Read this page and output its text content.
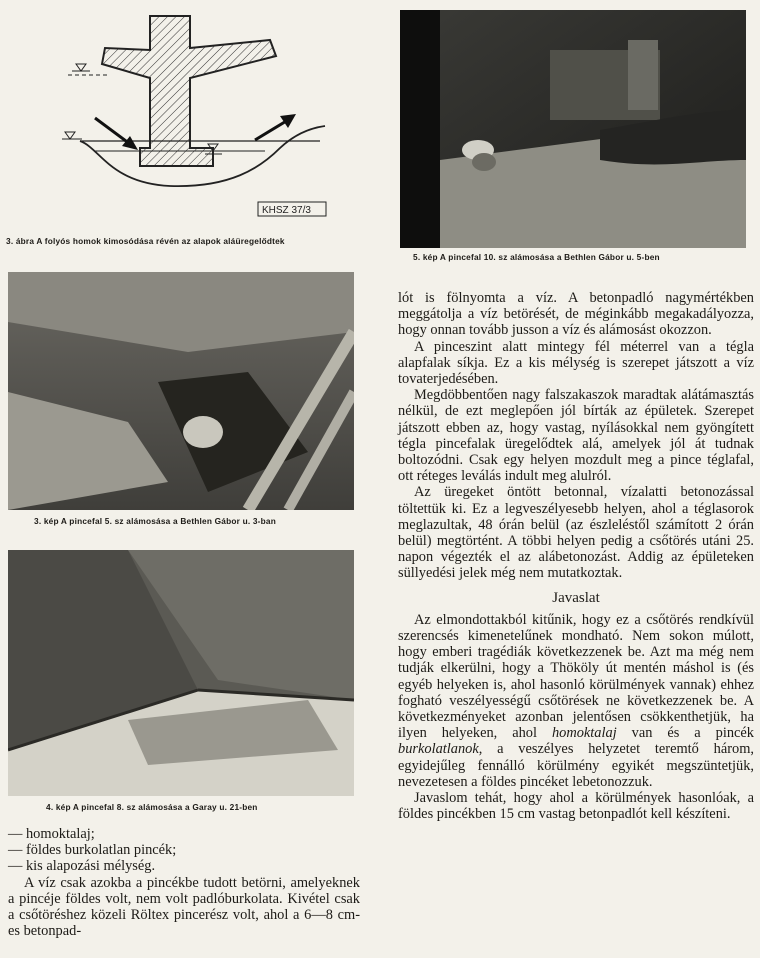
KHSZ 37/3
3. ábra A folyós homok kimosódása révén az alapok aláüregelődtek
5. kép A pincefal 10. sz alámosása a Bethlen Gábor u. 5-ben
3. kép A pincefal 5. sz alámosása a Bethlen Gábor u. 3-ban
4. kép A pincefal 8. sz alámosása a Garay u. 21-ben
— homoktalaj;
— földes burkolatlan pincék;
— kis alapozási mélység.

A víz csak azokba a pincékbe tudott betörni, amelyeknek a pincéje földes volt, nem volt padlóburkolata. Kivétel csak a csőtöréshez közeli Röltex pincerész volt, ahol a 6—8 cm-es betonpad-

lót is fölnyomta a víz. A betonpadló nagymértékben meggátolja a víz betörését, de méginkább megakadályozza, hogy onnan tovább jusson a víz és alámosást okozzon.

A pinceszint alatt mintegy fél méterrel van a tégla alapfalak síkja. Ez a kis mélység is szerepet játszott a víz tovaterjedésében.

Megdöbbentően nagy falszakaszok maradtak alátámasztás nélkül, de ezt meglepően jól bírták az épületek. Szerepet játszott ebben az, hogy vastag, nyílásokkal nem gyöngített tégla pincefalak üregelődtek alá, amelyek jól át tudnak boltozódni. Csak egy helyen mozdult meg a pince téglafal, ott réteges leválás indult meg alulról.

Az üregeket öntött betonnal, vízalatti betonozással töltettük ki. Ez a legveszélyesebb helyen, ahol a téglasorok meglazultak, 48 órán belül (az észleléstől számított 2 órán belül) megtörtént. A többi helyen pedig a csőtörés utáni 25. napon végezték el az alábetonozást. Addig az épületeken süllyedési jelek még nem mutatkoztak.

Javaslat

Az elmondottakból kitűnik, hogy ez a csőtörés rendkívül szerencsés kimenetelűnek mondható. Nem sokon múlott, hogy emberi tragédiák következzenek be. Azt ma még nem tudják elkerülni, hogy a Thököly út mentén máshol is (és egyéb helyeken is, ahol hasonló körülmények vannak) ehhez fogható veszélyességű csőtörések ne következzenek be. A következményeket azonban jelentősen csökkenthetjük, ha ilyen helyeken, ahol homoktalaj van és a pincék burkolatlanok, a veszélyes helyzetet teremtő három, egyidejűleg fennálló körülmény egyikét megszüntetjük, nevezetesen a földes pincéket lebetonozzuk.

Javaslom tehát, hogy ahol a körülmények hasonlóak, a földes pincékben 15 cm vastag betonpadlót kell készíteni.
